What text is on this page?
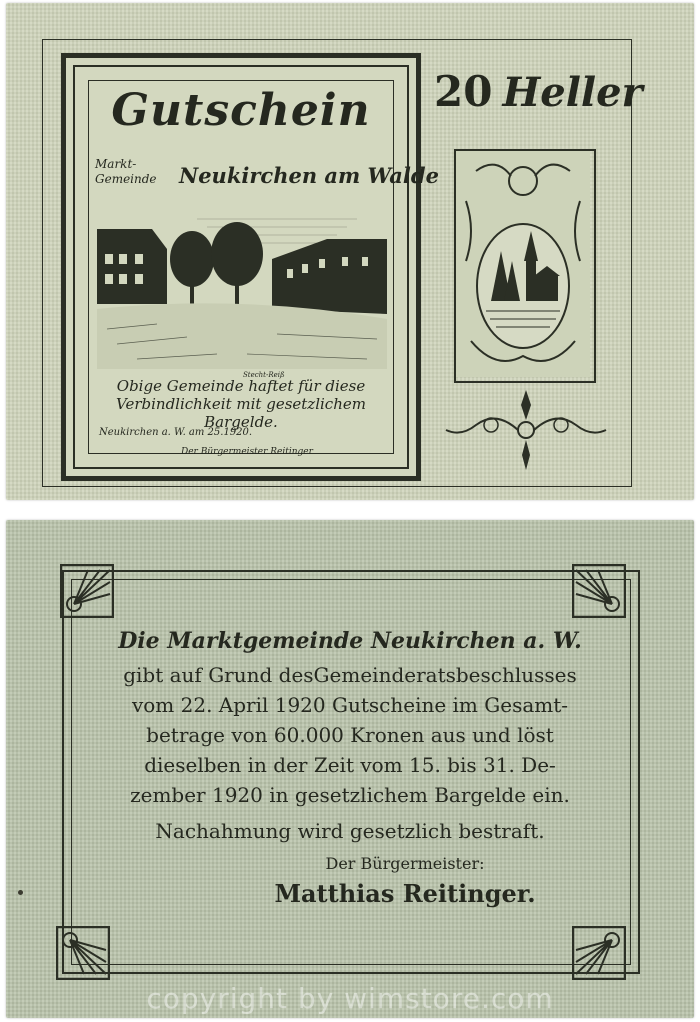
Gutschein
Markt-
Gemeinde	Neukirchen am Walde
Stecht-Reiß
Obige Gemeinde haftet für diese Verbindlichkeit mit gesetzlichem Bargelde.
Neukirchen a. W. am 25.1920.
Der Bürgermeister Reitinger
20 Heller
Die Marktgemeinde Neukirchen a. W.
gibt auf Grund desGemeinderatsbeschlusses
vom 22. April 1920 Gutscheine im Gesamt-
betrage von 60.000 Kronen aus und löst
dieselben in der Zeit vom 15. bis 31. De-
zember 1920 in gesetzlichem Bargelde ein.
Nachahmung wird gesetzlich bestraft.
Der Bürgermeister:
Matthias Reitinger.
copyright by wimstore.com
